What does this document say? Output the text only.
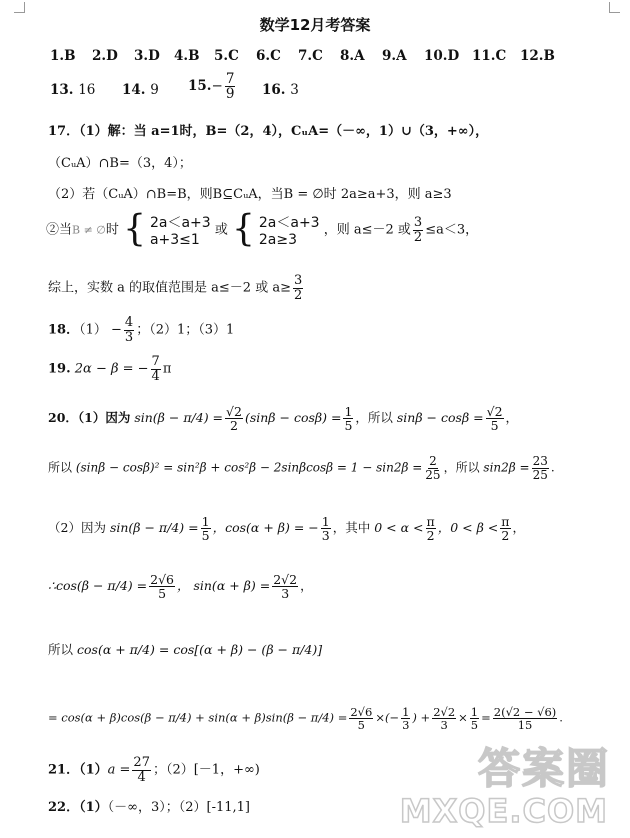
数学12月考答案
1.B 2.D 3.D 4.B 5.C 6.C 7.C 8.A 9.A 10.D 11.C 12.B
13. 16 14. 9 $15.- \frac{7}{9} 16$. 3
17．（1）解：当 a=1时，B=（2，4），CᵤA=（－∞，1）∪（3，+∞），
（CᵤA）∩B=（3，4）；
（2）若（CᵤA）∩B=B，则B⊆CᵤA，当B = ∅时 2a≥a+3，则 a≥3
②当B ≠ ∅时 { 2a＜a+3
a+3≤1
或 { 2a＜a+3
2a≥3
，则 a≤－2 或 $\frac{3}{2} \le a<3$，
综上，实数 a 的取值范围是 a≤－2 或 $a\ge \frac{3}{2}$
18．$(1) - \frac{4}{3}$ ；（2）1；（3）1
19. 2α − β = − $\frac{7}{4}$ π
20．（1）因为 $\sin(\beta - \pi/4) = \frac{√2}{2} (\sin\beta - \cos\beta) = \frac{1}{5}$ ，所以 $\sin\beta - \cos\beta = \frac{√2}{5}$ ，
所以 $(\sin\beta - \cos\beta)^2 = \sin^2\beta + \cos^2\beta - 2\sin\beta\cos\beta = 1 - \sin 2\beta = \frac{2}{25}$ ，所以 $\sin 2\beta = \frac{23}{25}$ .
（2）因为 $\sin(\beta - \pi/4) = \frac{1}{5}$ ，cos(α + β) = − $\frac{1}{3}$ ，其中 $0 < \alpha < \frac{\pi}{2}$ ，$0 < \beta < \frac{\pi}{2}$ ，
∴cos(β − $\pi/4) = \frac{2√6}{5}$ ， $\sin(\alpha + \beta) = \frac{2√2}{3}$ ，
所以 cos(α + π/4) = cos[(α + β) − (β − π/4)]
= $\cos(\alpha + \beta)\cos(\beta - \pi/4) + \sin(\alpha + \beta)\sin(\beta - \pi/4) = \frac{2√6}{5}$ ×(− $\frac{1}{3}$ ) + $\frac{2√2}{3} \times \frac{1}{5} = \frac{2(√2 - √6)}{15}$ .
21．$(1)a = \frac{27}{4}$ ；（2）[－1，+∞)
22．（1）（－∞，3）；（2）[-11,1]
答案圈
MXQE.COM
